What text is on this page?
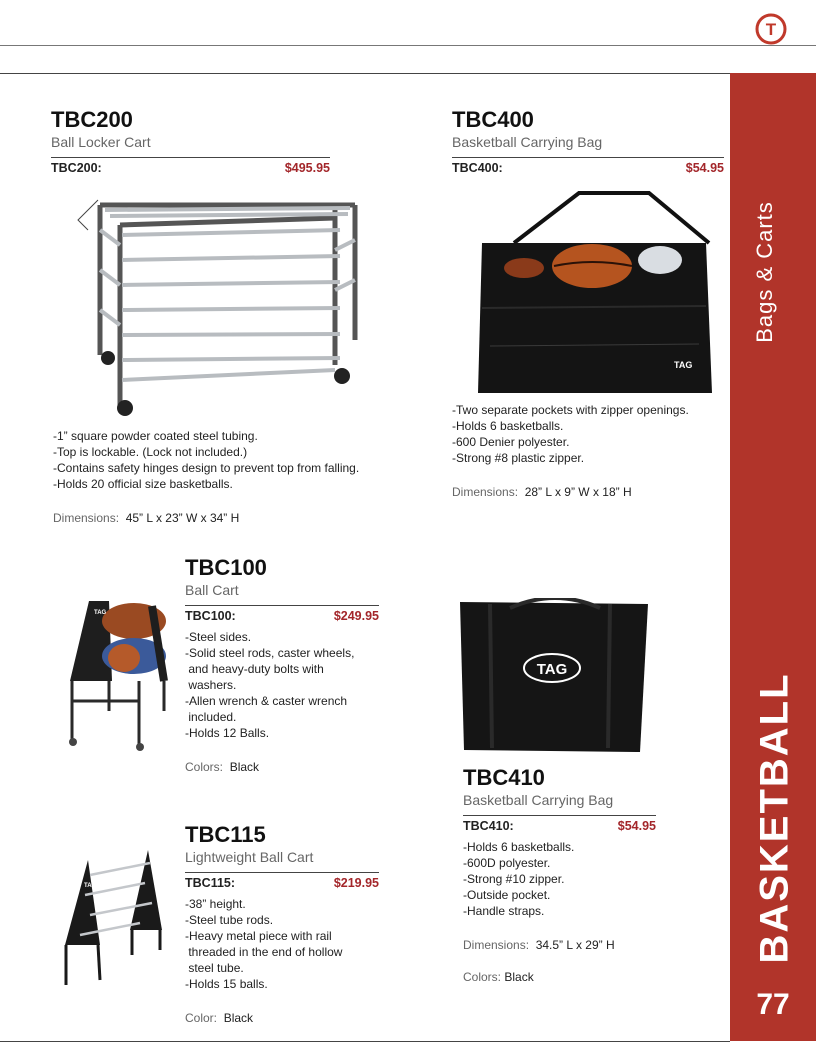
T
Bags & Carts
BASKETBALL
77
TBC200
Ball Locker Cart
TBC200:	$495.95
-1” square powder coated steel tubing.
-Top is lockable. (Lock not included.)
-Contains safety hinges design to prevent top from falling.
-Holds 20 official size basketballs.
Dimensions: 45” L x 23” W x 34” H
TBC400
Basketball Carrying Bag
TBC400:	$54.95
TAG
-Two separate pockets with zipper openings.
-Holds 6 basketballs.
-600 Denier polyester.
-Strong #8 plastic zipper.
Dimensions: 28” L x 9” W x 18” H
TBC100
Ball Cart
TBC100:	$249.95
-Steel sides.
-Solid steel rods, caster wheels,
and heavy-duty bolts with
washers.
-Allen wrench & caster wrench
included.
-Holds 12 Balls.
Colors: Black
TAG
TAG
TBC410
Basketball Carrying Bag
TBC410:	$54.95
-Holds 6 basketballs.
-600D polyester.
-Strong #10 zipper.
-Outside pocket.
-Handle straps.
Dimensions: 34.5” L x 29” H
Colors: Black
TBC115
Lightweight Ball Cart
TBC115:	$219.95
-38” height.
-Steel tube rods.
-Heavy metal piece with rail
threaded in the end of hollow
steel tube.
-Holds 15 balls.
Color: Black
TAG
